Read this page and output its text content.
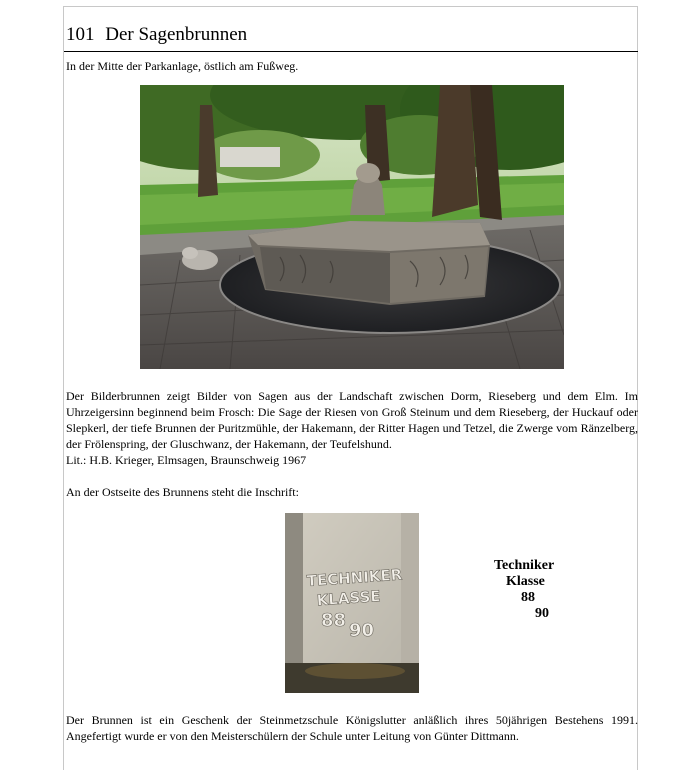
101 Der Sagenbrunnen
In der Mitte der Parkanlage, östlich am Fußweg.

Der Bilderbrunnen zeigt Bilder von Sagen aus der Landschaft zwischen Dorm, Rieseberg und dem Elm. Im Uhrzeigersinn beginnend beim Frosch: Die Sage der Riesen von Groß Steinum und dem Rieseberg, der Huckauf oder Slepkerl, der tiefe Brunnen der Puritzmühle, der Hakemann, der Ritter Hagen und Tetzel, die Zwerge vom Ränzelberg, der Frölenspring, der Gluschwanz, der Hakemann, der Teufelshund.

Lit.: H.B. Krieger, Elmsagen, Braunschweig 1967

An der Ostseite des Brunnens steht die Inschrift:
TECHNIKER
KLASSE
88 90
Techniker
Klasse
88
90

Der Brunnen ist ein Geschenk der Steinmetzschule Königslutter anläßlich ihres 50jährigen Bestehens 1991. Angefertigt wurde er von den Meisterschülern der Schule unter Leitung von Günter Dittmann.
